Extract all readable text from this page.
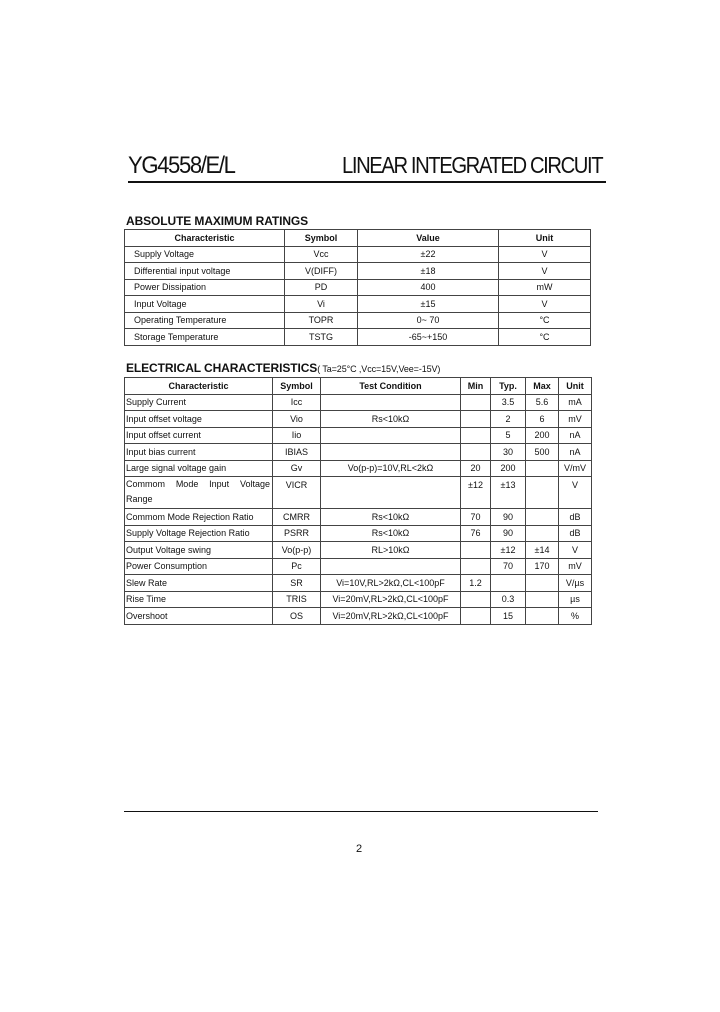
YG4558/E/L	LINEAR INTEGRATED CIRCUIT
ABSOLUTE MAXIMUM RATINGS
Characteristic	Symbol	Value	Unit
Supply Voltage	Vcc	±22	V
Differential input voltage	V(DIFF)	±18	V
Power Dissipation	PD	400	mW
Input Voltage	Vi	±15	V
Operating Temperature	TOPR	0~ 70	°C
Storage Temperature	TSTG	-65~+150	°C
ELECTRICAL CHARACTERISTICS( Ta=25°C ,Vcc=15V,Vee=-15V)
Characteristic	Symbol	Test Condition	Min	Typ.	Max	Unit
Supply Current	Icc			3.5	5.6	mA
Input offset voltage	Vio	Rs<10kΩ		2	6	mV
Input offset current	Iio			5	200	nA
Input bias current	IBIAS			30	500	nA
Large signal voltage gain	Gv	Vo(p-p)=10V,RL<2kΩ	20	200		V/mV
Commom Mode Input Voltage Range	VICR		±12	±13		V
Commom Mode Rejection Ratio	CMRR	Rs<10kΩ	70	90		dB
Supply Voltage Rejection Ratio	PSRR	Rs<10kΩ	76	90		dB
Output Voltage swing	Vo(p-p)	RL>10kΩ		±12	±14	V
Power Consumption	Pc			70	170	mV
Slew Rate	SR	Vi=10V,RL>2kΩ,CL<100pF	1.2			V/µs
Rise Time	TRIS	Vi=20mV,RL>2kΩ,CL<100pF		0.3		µs
Overshoot	OS	Vi=20mV,RL>2kΩ,CL<100pF		15		%
2
